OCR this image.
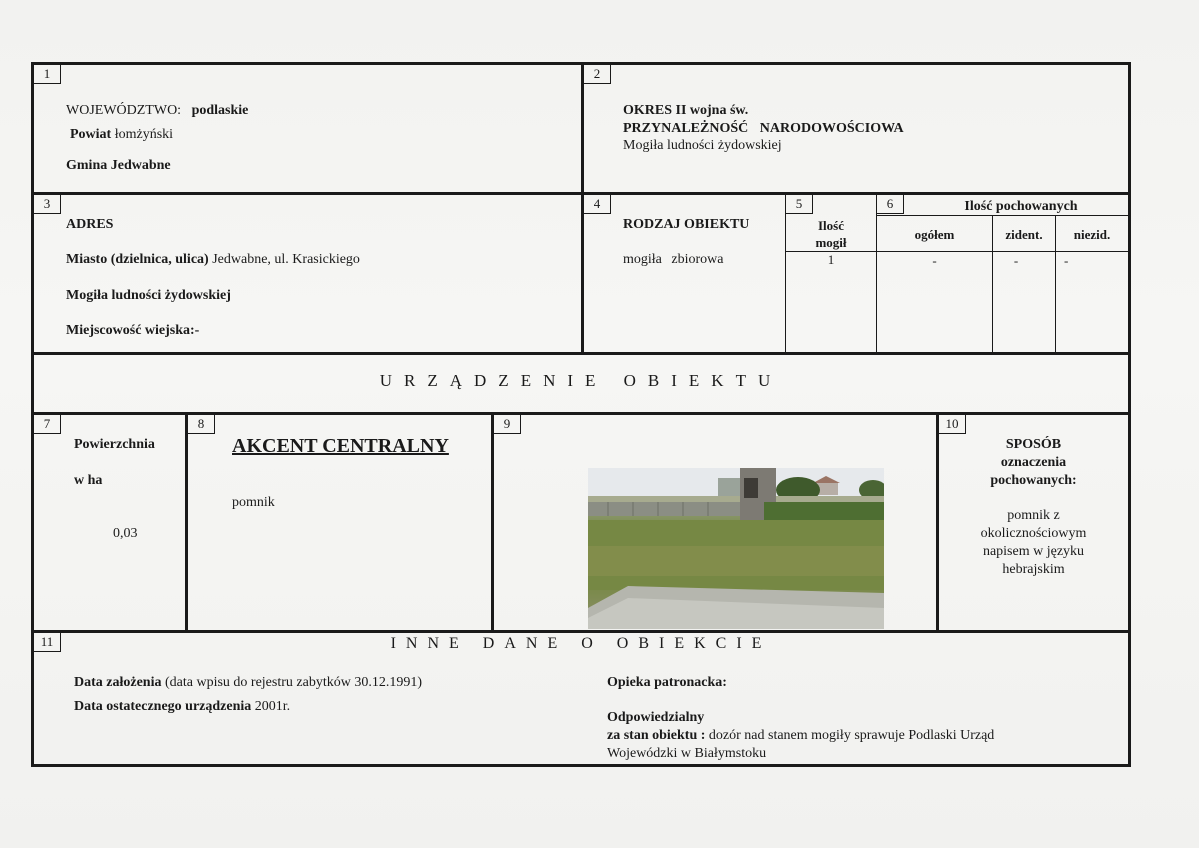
1
WOJEWÓDZTWO: podlaskie
Powiat łomżyński
Gmina Jedwabne
2
OKRES II wojna św.
PRZYNALEŻNOŚĆ NARODOWOŚCIOWA
Mogiła ludności żydowskiej
3
ADRES
Miasto (dzielnica, ulica) Jedwabne, ul. Krasickiego
Mogiła ludności żydowskiej
Miejscowość wiejska:-
4
RODZAJ OBIEKTU
mogiła zbiorowa
5
Ilość
mogił
1
6	Ilość pochowanych
ogółem	zident.	niezid.
-	-	-
URZĄDZENIE OBIEKTU
7
Powierzchnia
w ha
0,03
8
AKCENT CENTRALNY
pomnik
9	10
SPOSÓB
oznaczenia
pochowanych:
pomnik z
okolicznościowym
napisem w języku
hebrajskim
11	INNE DANE O OBIEKCIE
Data założenia (data wpisu do rejestru zabytków 30.12.1991)
Data ostatecznego urządzenia 2001r.
Opieka patronacka:
Odpowiedzialny
za stan obiektu : dozór nad stanem mogiły sprawuje Podlaski Urząd
Wojewódzki w Białymstoku
